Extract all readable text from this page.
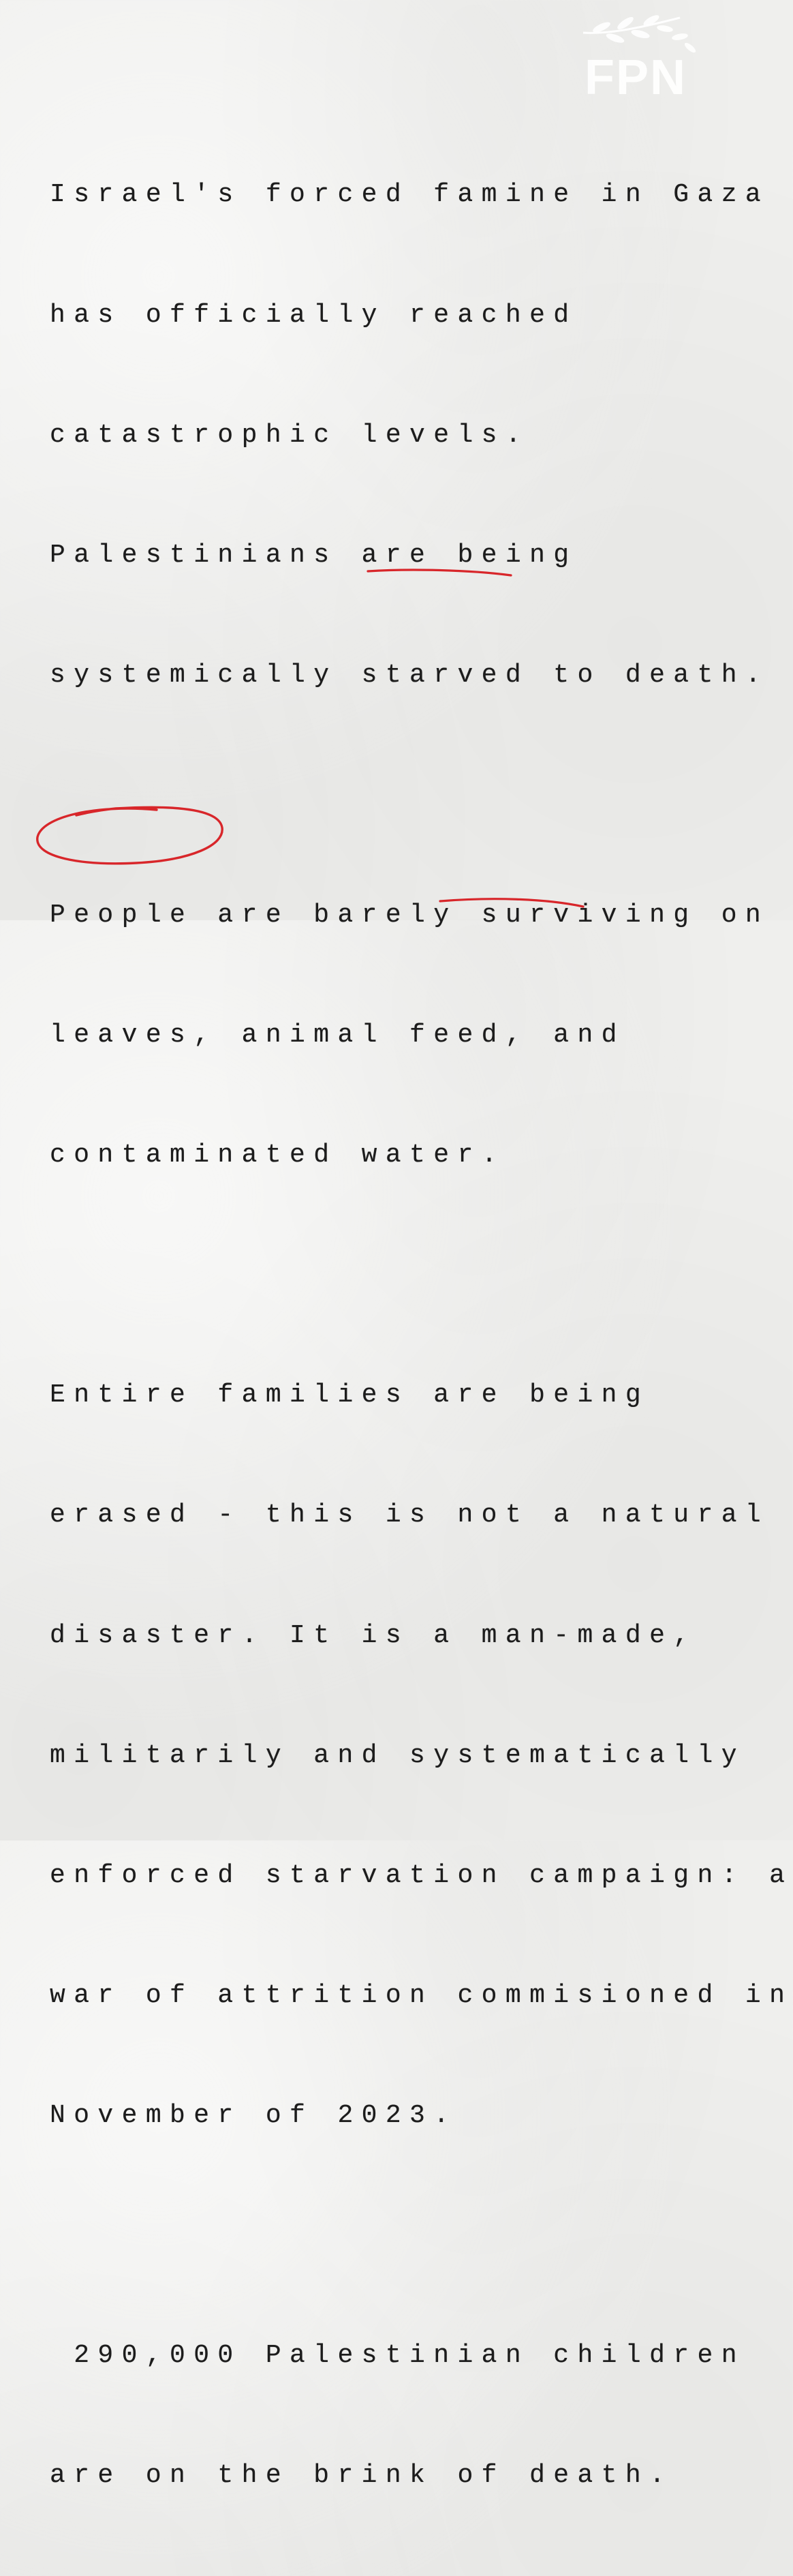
FPN

Israel's forced famine in Gaza

has officially reached

catastrophic levels.

Palestinians are being

systemically starved to death.

People are barely surviving on

leaves, animal feed, and

contaminated water.

Entire families are being

erased - this is not a natural

disaster. It is a man-made,

militarily and systematically

enforced starvation campaign: a

war of attrition commisioned in

November of 2023.

290,000 Palestinian children

are on the brink of death.
